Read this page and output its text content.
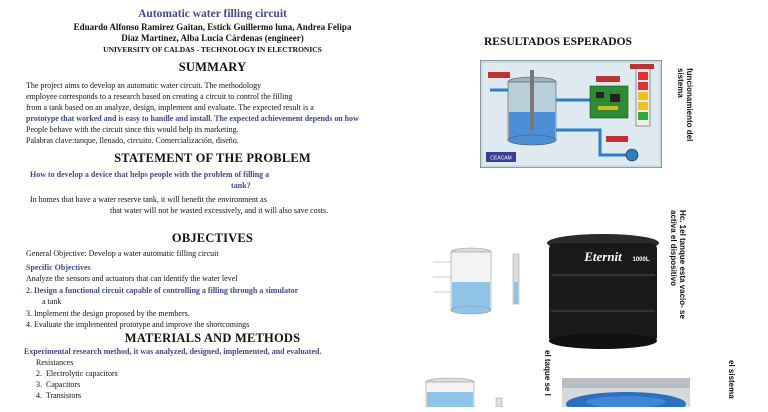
Automatic water filling circuit
Eduardo Alfonso Ramirez Gaitan, Estick Guillermo luna, Andrea Felipa
Diaz Martinez, Alba Lucia Cárdenas (engineer)
UNIVERSITY OF CALDAS - TECHNOLOGY IN ELECTRONICS
SUMMARY
The project aims to develop an automatic water circuit. The methodology
employee corresponds to a research based on creating a circuit to control the filling
from a tank based on an analyze, design, implement and evaluate. The expected result is a
prototype that worked and is easy to handle and install. The expected achievement depends on how
People behave with the circuit since this would help its marketing.
Palabras clave:tanque, llenado, circuito. Comercialización, diseño.
STATEMENT OF THE PROBLEM
How to develop a device that helps people with the problem of filling a
tank?
In homes that have a water reserve tank, it will benefit the environment as
that water will not be wasted excessively, and it will also save costs.
OBJECTIVES
General Objective: Develop a water automatic filling circuit
Specific Objectives
Analyze the sensors and actuators that can identify the water level
2. Design a functional circuit capable of controlling a filling through a simulator
a tank
3. Implement the design proposed by the members.
4. Evaluate the implemented prototype and improve the shortcomings
MATERIALS AND METHODS
Experimental research method, it was analyzed, designed, implemented, and evaluated.
Resistances
2. Electrolytic capacitors
3. Capacitors
4. Transistors
RESULTADOS ESPERADOS
CEACAM
funcionamiento del
sistema
Eternit 1000L	Hc. 1el tanque esta vacio- se
activa el dispositivo
el taque se l	el sistema
